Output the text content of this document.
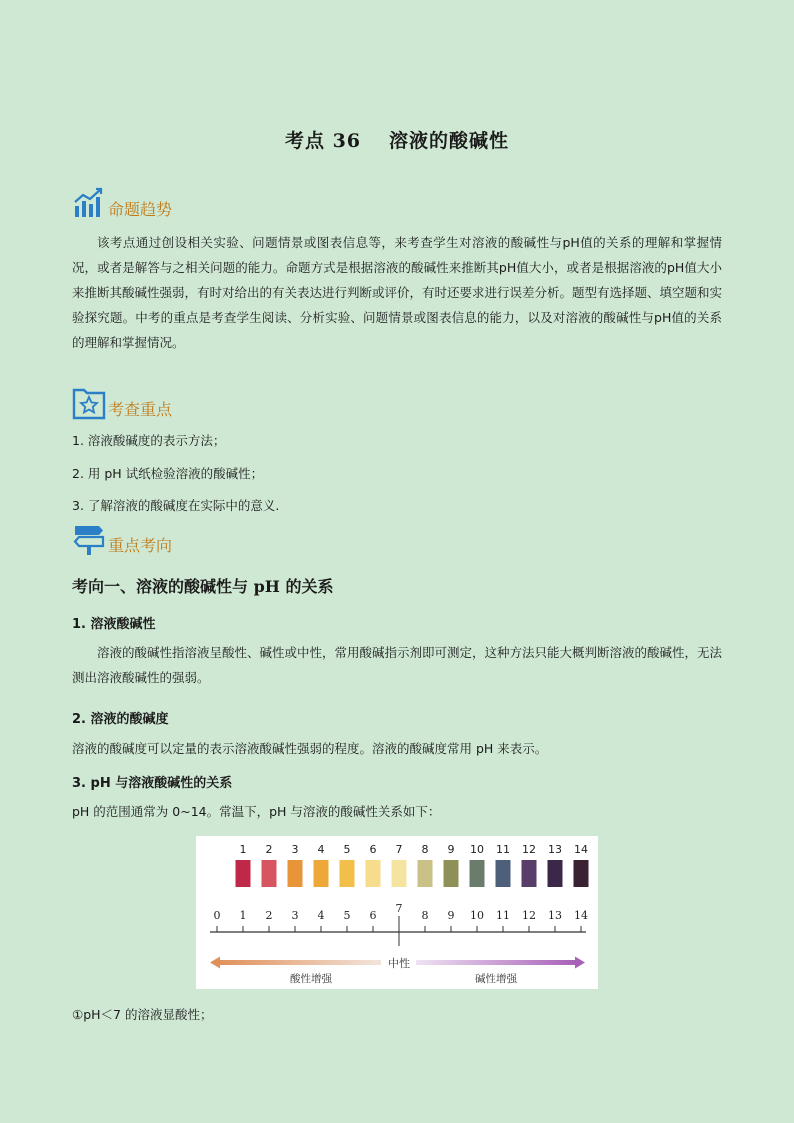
考点 36 溶液的酸碱性
命题趋势
该考点通过创设相关实验、问题情景或图表信息等，来考查学生对溶液的酸碱性与pH值的关系的理解和掌握情况，或者是解答与之相关问题的能力。命题方式是根据溶液的酸碱性来推断其pH值大小，或者是根据溶液的pH值大小来推断其酸碱性强弱，有时对给出的有关表达进行判断或评价，有时还要求进行误差分析。题型有选择题、填空题和实验探究题。中考的重点是考查学生阅读、分析实验、问题情景或图表信息的能力，以及对溶液的酸碱性与pH值的关系的理解和掌握情况。
考查重点
1. 溶液酸碱度的表示方法；
2. 用 pH 试纸检验溶液的酸碱性；
3. 了解溶液的酸碱度在实际中的意义.
重点考向
考向一、溶液的酸碱性与 pH 的关系
1. 溶液酸碱性
溶液的酸碱性指溶液呈酸性、碱性或中性，常用酸碱指示剂即可测定，这种方法只能大概判断溶液的酸碱性，无法测出溶液酸碱性的强弱。
2. 溶液的酸碱度
溶液的酸碱度可以定量的表示溶液酸碱性强弱的程度。溶液的酸碱度常用 pH 来表示。
3. pH 与溶液酸碱性的关系
pH 的范围通常为 0~14。常温下，pH 与溶液的酸碱性关系如下：
1 2 3 4 5 6 7 8 9 10 11 12 13 14
0 1 2 3 4 5 6
7
8 9 10 11 12 13 14
中性
酸性增强	碱性增强
①pH＜7 的溶液显酸性；
